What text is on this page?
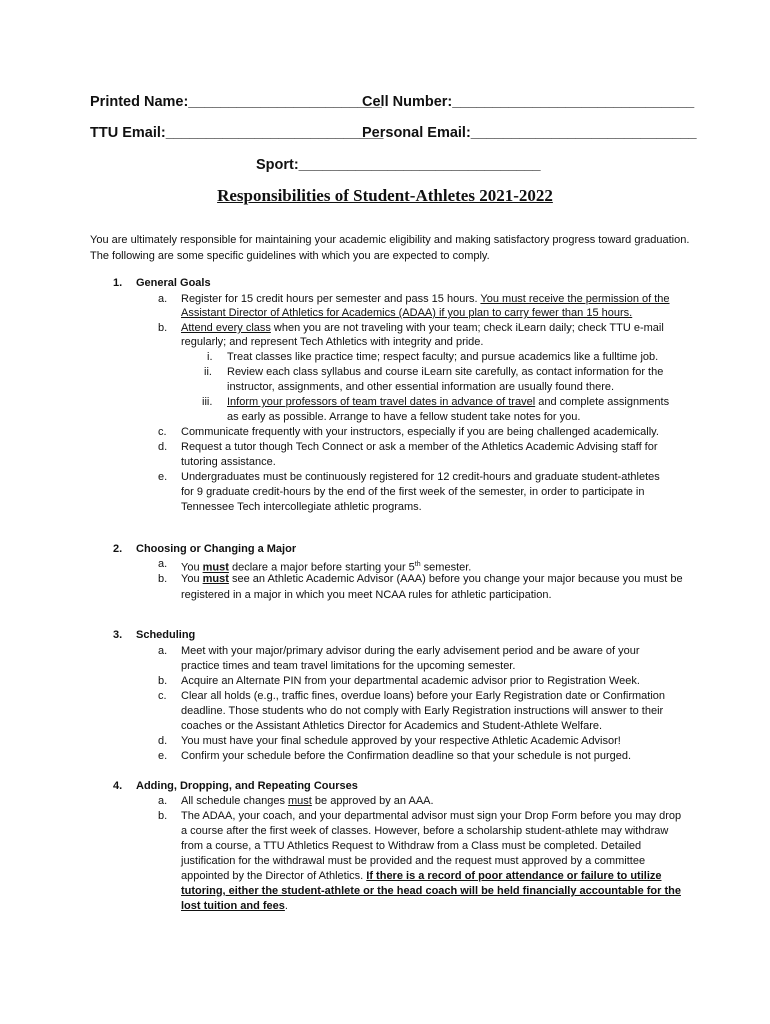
Printed Name:________________________
Cell Number:______________________________
TTU Email:___________________________
Personal Email:____________________________
Sport:______________________________
Responsibilities of Student-Athletes 2021-2022
You are ultimately responsible for maintaining your academic eligibility and making satisfactory progress toward graduation. The following are some specific guidelines with which you are expected to comply.
1. General Goals
a. Register for 15 credit hours per semester and pass 15 hours. You must receive the permission of the
Assistant Director of Athletics for Academics (ADAA) if you plan to carry fewer than 15 hours.
b. Attend every class when you are not traveling with your team; check iLearn daily; check TTU e-mail
regularly; and represent Tech Athletics with integrity and pride.
i. Treat classes like practice time; respect faculty; and pursue academics like a fulltime job.
ii. Review each class syllabus and course iLearn site carefully, as contact information for the
instructor, assignments, and other essential information are usually found there.
iii. Inform your professors of team travel dates in advance of travel and complete assignments
as early as possible. Arrange to have a fellow student take notes for you.
c. Communicate frequently with your instructors, especially if you are being challenged academically.
d. Request a tutor though Tech Connect or ask a member of the Athletics Academic Advising staff for
tutoring assistance.
e. Undergraduates must be continuously registered for 12 credit-hours and graduate student-athletes
for 9 graduate credit-hours by the end of the first week of the semester, in order to participate in
Tennessee Tech intercollegiate athletic programs.
2. Choosing or Changing a Major
a. You must declare a major before starting your 5th semester.
b. You must see an Athletic Academic Advisor (AAA) before you change your major because you must be
registered in a major in which you meet NCAA rules for athletic participation.
3. Scheduling
a. Meet with your major/primary advisor during the early advisement period and be aware of your
practice times and team travel limitations for the upcoming semester.
b. Acquire an Alternate PIN from your departmental academic advisor prior to Registration Week.
c. Clear all holds (e.g., traffic fines, overdue loans) before your Early Registration date or Confirmation
deadline. Those students who do not comply with Early Registration instructions will answer to their
coaches or the Assistant Athletics Director for Academics and Student-Athlete Welfare.
d. You must have your final schedule approved by your respective Athletic Academic Advisor!
e. Confirm your schedule before the Confirmation deadline so that your schedule is not purged.
4. Adding, Dropping, and Repeating Courses
a. All schedule changes must be approved by an AAA.
b. The ADAA, your coach, and your departmental advisor must sign your Drop Form before you may drop
a course after the first week of classes. However, before a scholarship student-athlete may withdraw
from a course, a TTU Athletics Request to Withdraw from a Class must be completed. Detailed
justification for the withdrawal must be provided and the request must approved by a committee
appointed by the Director of Athletics. If there is a record of poor attendance or failure to utilize
tutoring, either the student-athlete or the head coach will be held financially accountable for the
lost tuition and fees.
